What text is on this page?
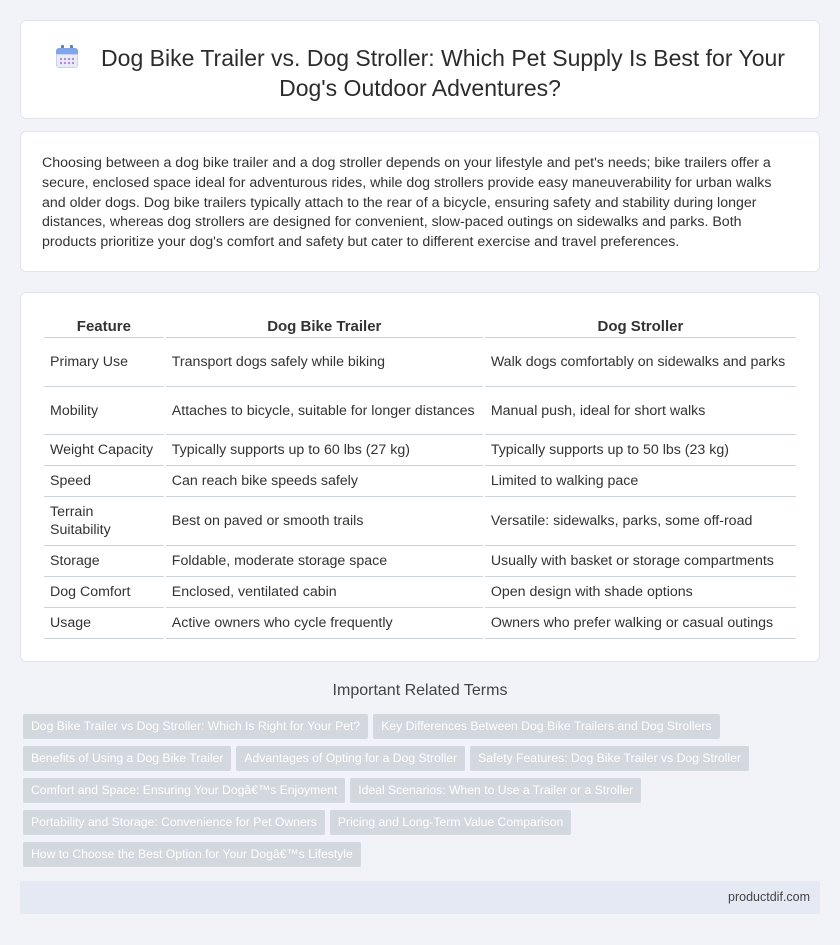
Dog Bike Trailer vs. Dog Stroller: Which Pet Supply Is Best for Your
Dog's Outdoor Adventures?

Choosing between a dog bike trailer and a dog stroller depends on your lifestyle and pet's needs; bike trailers offer a secure, enclosed space ideal for adventurous rides, while dog strollers provide easy maneuverability for urban walks and older dogs. Dog bike trailers typically attach to the rear of a bicycle, ensuring safety and stability during longer distances, whereas dog strollers are designed for convenient, slow-paced outings on sidewalks and parks. Both products prioritize your dog's comfort and safety but cater to different exercise and travel preferences.

Feature	Dog Bike Trailer	Dog Stroller
Primary Use	Transport dogs safely while biking	Walk dogs comfortably on sidewalks and parks
Mobility	Attaches to bicycle, suitable for longer distances	Manual push, ideal for short walks
Weight Capacity	Typically supports up to 60 lbs (27 kg)	Typically supports up to 50 lbs (23 kg)
Speed	Can reach bike speeds safely	Limited to walking pace
Terrain Suitability	Best on paved or smooth trails	Versatile: sidewalks, parks, some off-road
Storage	Foldable, moderate storage space	Usually with basket or storage compartments
Dog Comfort	Enclosed, ventilated cabin	Open design with shade options
Usage	Active owners who cycle frequently	Owners who prefer walking or casual outings
Important Related Terms
Dog Bike Trailer vs Dog Stroller: Which Is Right for Your Pet? Key Differences Between Dog Bike Trailers and Dog Strollers
Benefits of Using a Dog Bike Trailer Advantages of Opting for a Dog Stroller Safety Features: Dog Bike Trailer vs Dog Stroller
Comfort and Space: Ensuring Your Dogâ€™s Enjoyment Ideal Scenarios: When to Use a Trailer or a Stroller
Portability and Storage: Convenience for Pet Owners Pricing and Long-Term Value Comparison
How to Choose the Best Option for Your Dogâ€™s Lifestyle
productdif.com
